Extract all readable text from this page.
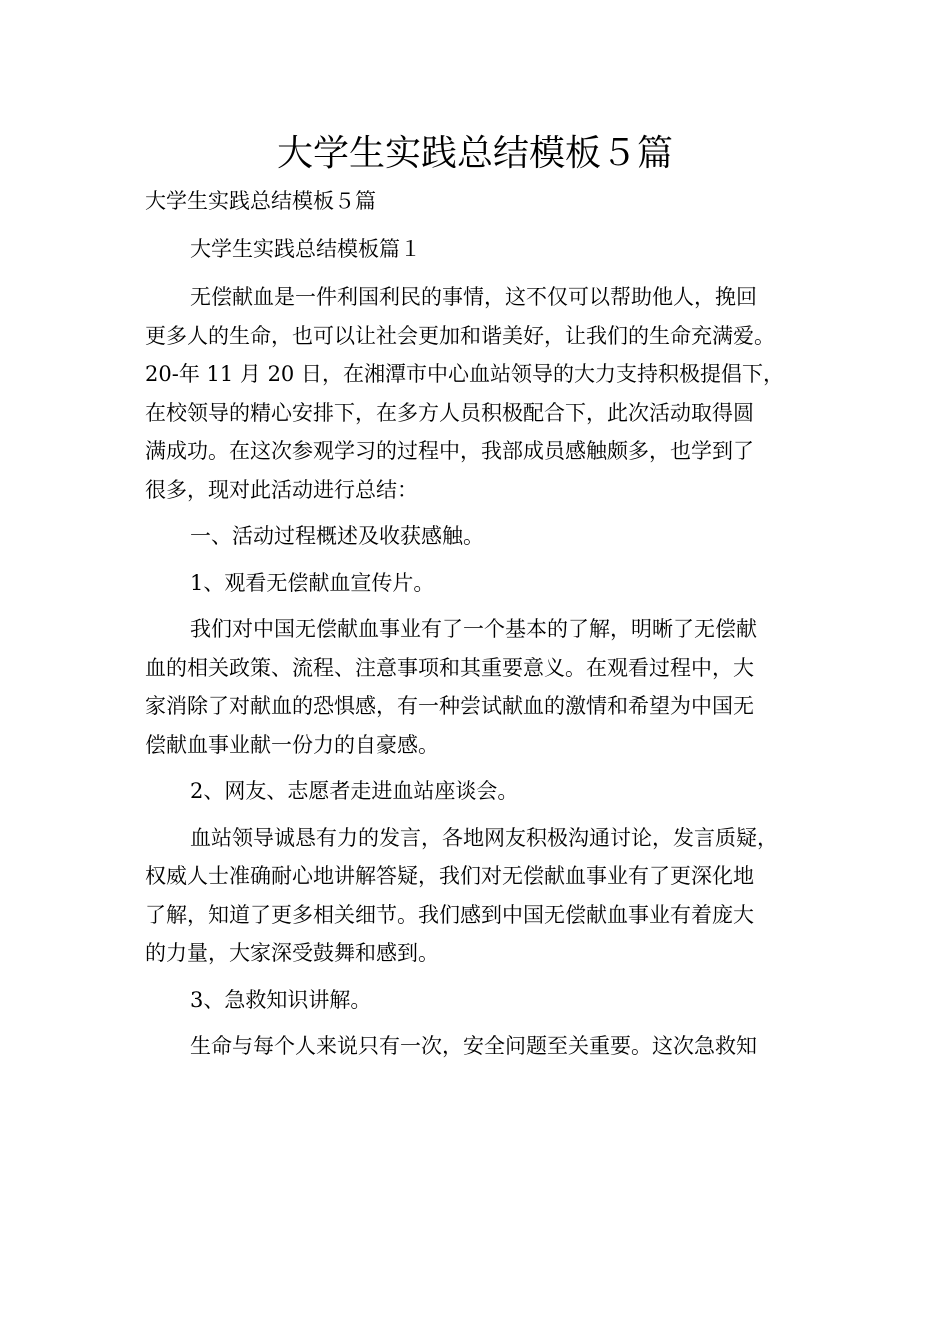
大学生实践总结模板５篇

大学生实践总结模板５篇

大学生实践总结模板篇１

无偿献血是一件利国利民的事情，这不仅可以帮助他人，挽回

更多人的生命，也可以让社会更加和谐美好，让我们的生命充满爱。

20-年 11 月 20 日，在湘潭市中心血站领导的大力支持积极提倡下，

在校领导的精心安排下，在多方人员积极配合下，此次活动取得圆

满成功。在这次参观学习的过程中，我部成员感触颇多，也学到了

很多，现对此活动进行总结：

一、活动过程概述及收获感触。

1、观看无偿献血宣传片。

我们对中国无偿献血事业有了一个基本的了解，明晰了无偿献

血的相关政策、流程、注意事项和其重要意义。在观看过程中，大

家消除了对献血的恐惧感，有一种尝试献血的激情和希望为中国无

偿献血事业献一份力的自豪感。

2、网友、志愿者走进血站座谈会。

血站领导诚恳有力的发言，各地网友积极沟通讨论，发言质疑，

权威人士准确耐心地讲解答疑，我们对无偿献血事业有了更深化地

了解，知道了更多相关细节。我们感到中国无偿献血事业有着庞大

的力量，大家深受鼓舞和感到。

3、急救知识讲解。

生命与每个人来说只有一次，安全问题至关重要。这次急救知
